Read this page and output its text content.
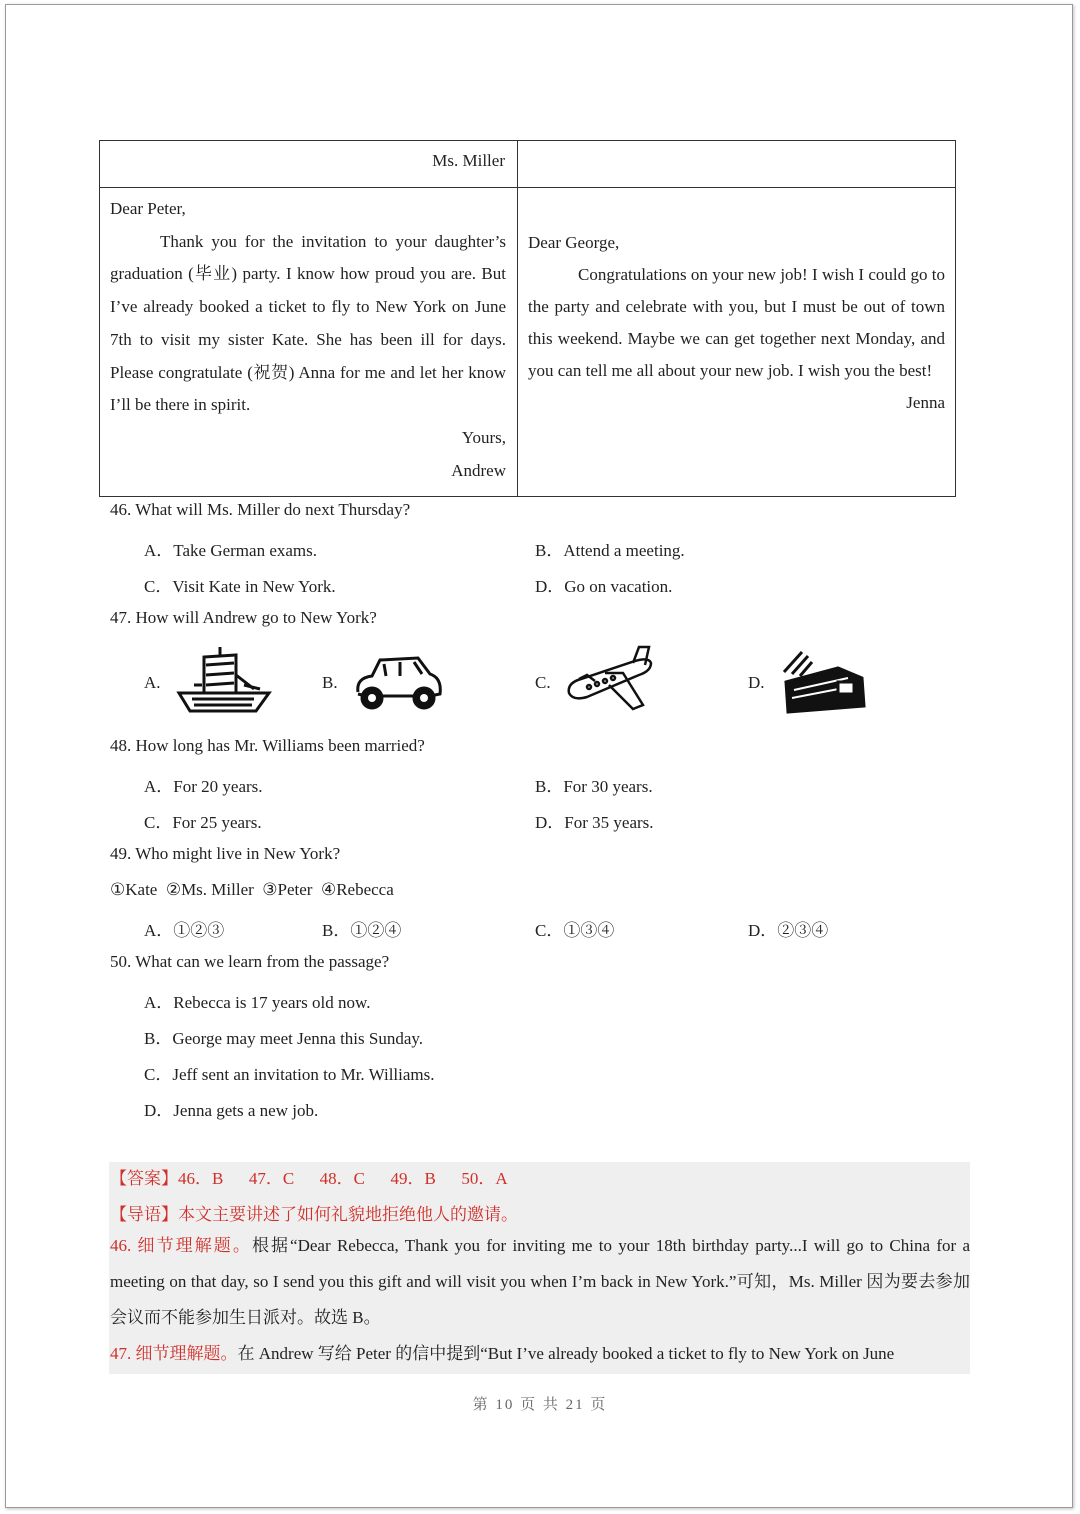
Ms. Miller
Dear Peter,
Thank you for the invitation to your daughter’s graduation (毕业) party. I know how proud you are. But I’ve already booked a ticket to fly to New York on June 7th to visit my sister Kate. She has been ill for days. Please congratulate (祝贺) Anna for me and let her know I’ll be there in spirit.
Yours,
Andrew
Dear George,
Congratulations on your new job! I wish I could go to the party and celebrate with you, but I must be out of town this weekend. Maybe we can get together next Monday, and you can tell me all about your new job. I wish you the best!
Jenna
46. What will Ms. Miller do next Thursday?
A．Take German exams.	B．Attend a meeting.
C．Visit Kate in New York.	D．Go on vacation.
47. How will Andrew go to New York?
A.	B.	C.	D.
48. How long has Mr. Williams been married?
A．For 20 years.	B．For 30 years.
C．For 25 years.	D．For 35 years.
49. Who might live in New York?
①Kate  ②Ms. Miller  ③Peter  ④Rebecca
A．①②③	B．①②④	C．①③④	D．②③④
50. What can we learn from the passage?
A．Rebecca is 17 years old now.
B．George may meet Jenna this Sunday.
C．Jeff sent an invitation to Mr. Williams.
D．Jenna gets a new job.
【答案】46．B      47．C      48．C      49．B      50．A
【导语】本文主要讲述了如何礼貌地拒绝他人的邀请。
46. 细节理解题。根据“Dear Rebecca, Thank you for inviting me to your 18th birthday party...I will go to China for a meeting on that day, so I send you this gift and will visit you when I’m back in New York.”可知，Ms. Miller 因为要去参加会议而不能参加生日派对。故选 B。
47. 细节理解题。在 Andrew 写给 Peter 的信中提到“But I’ve already booked a ticket to fly to New York on June
第 10 页 共 21 页
